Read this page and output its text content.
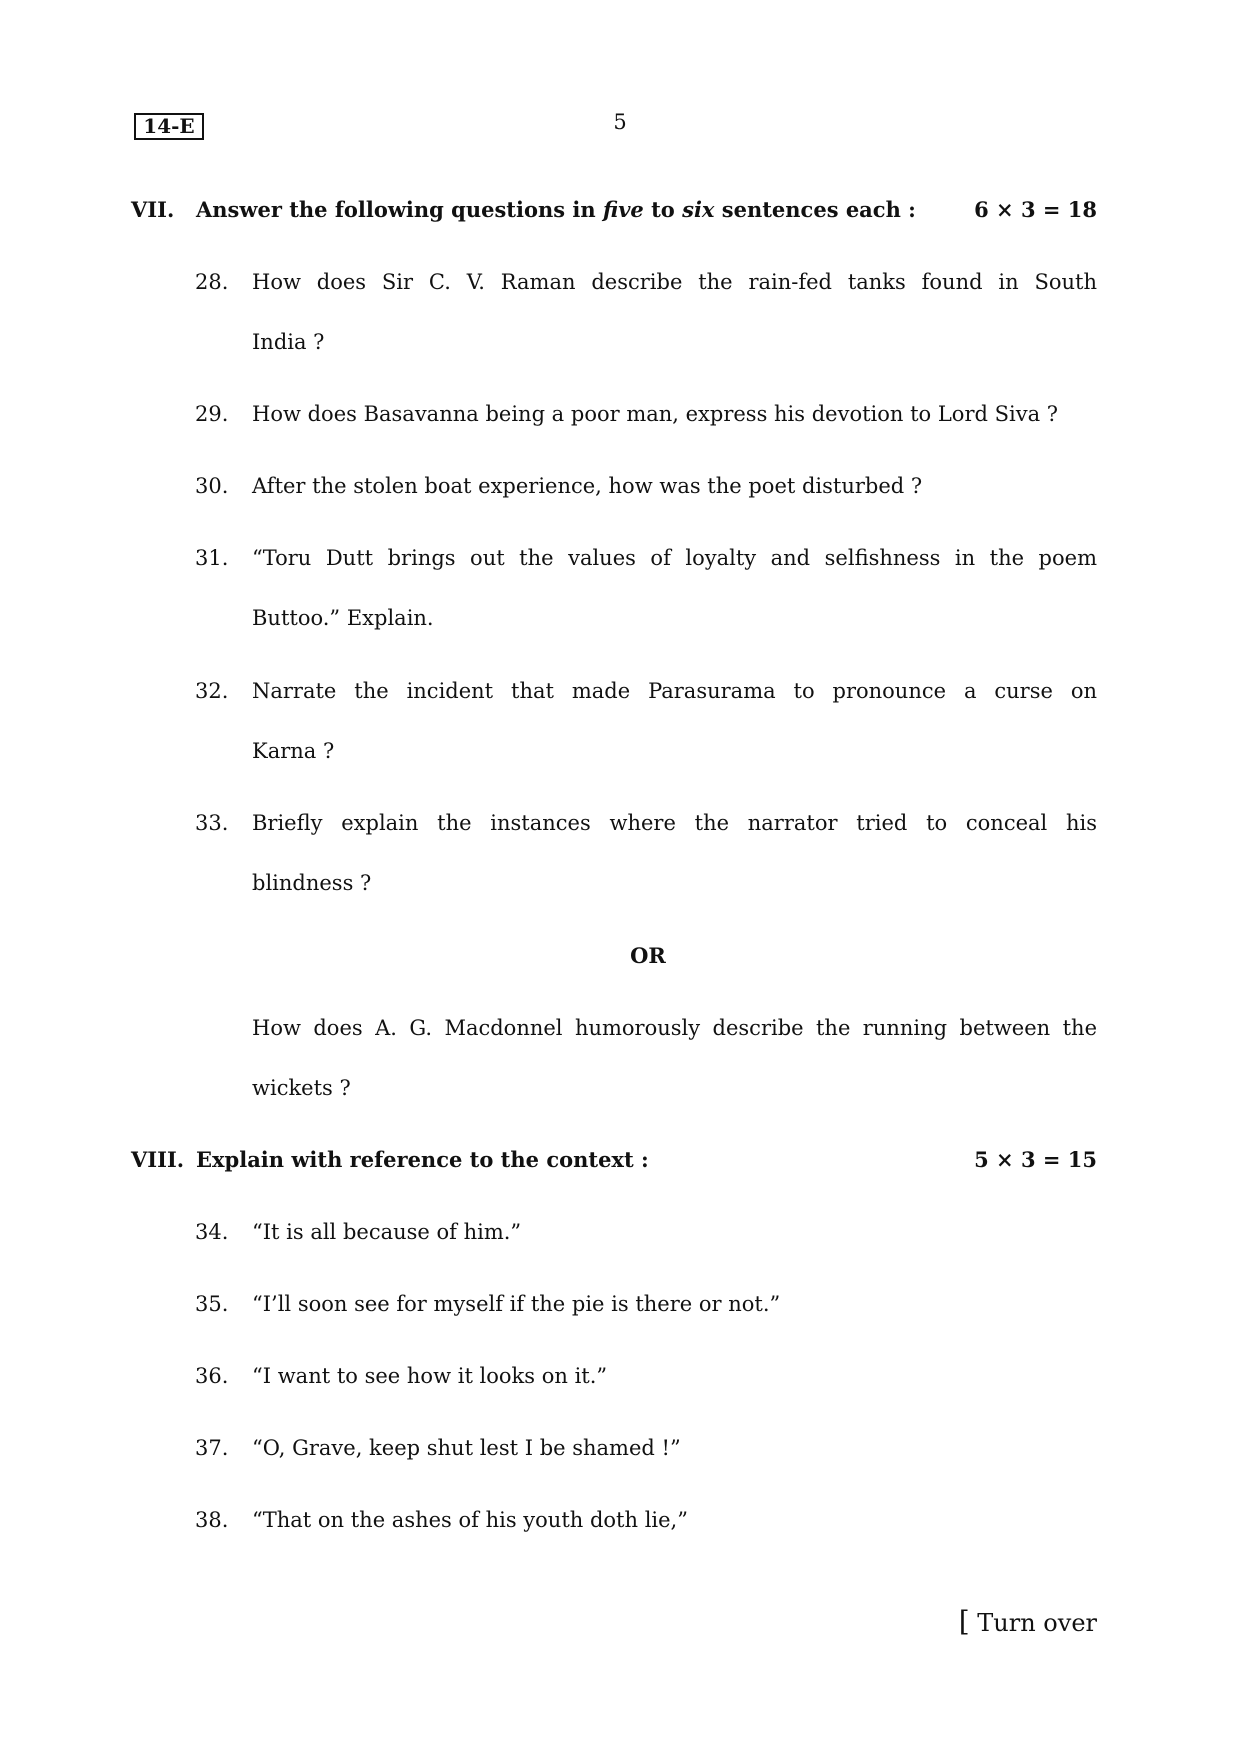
14-E	5
VII. Answer the following questions in five to six sentences each :	6 × 3 = 18
28. How does Sir C. V. Raman describe the rain-fed tanks found in South
India ?
29. How does Basavanna being a poor man, express his devotion to Lord Siva ?
30. After the stolen boat experience, how was the poet disturbed ?
31. “Toru Dutt brings out the values of loyalty and selfishness in the poem
Buttoo.” Explain.
32. Narrate the incident that made Parasurama to pronounce a curse on
Karna ?
33. Briefly explain the instances where the narrator tried to conceal his
blindness ?
OR
How does A. G. Macdonnel humorously describe the running between the
wickets ?
VIII. Explain with reference to the context :	5 × 3 = 15
34. “It is all because of him.”
35. “I’ll soon see for myself if the pie is there or not.”
36. “I want to see how it looks on it.”
37. “O, Grave, keep shut lest I be shamed !”
38. “That on the ashes of his youth doth lie,”
[ Turn over
